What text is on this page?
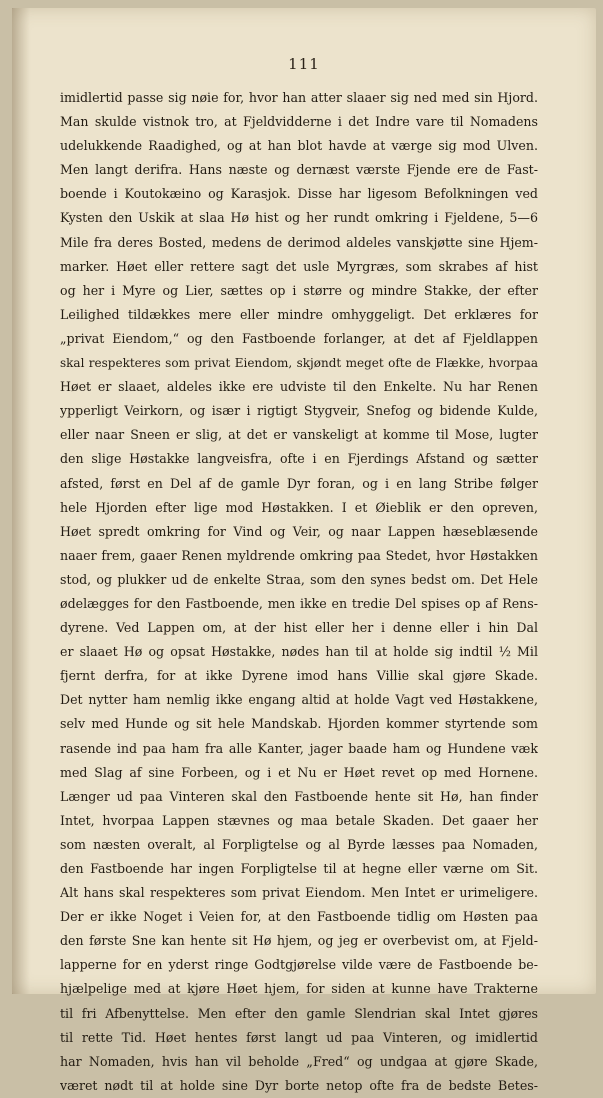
111
imidlertid passe sig nøie for, hvor han atter slaaer sig ned med sin Hjord.
Man skulde vistnok tro, at Fjeldvidderne i det Indre vare til Nomadens
udelukkende Raadighed, og at han blot havde at værge sig mod Ulven.
Men langt derifra. Hans næste og dernæst værste Fjende ere de Fast-
boende i Koutokæino og Karasjok. Disse har ligesom Befolkningen ved
Kysten den Uskik at slaa Hø hist og her rundt omkring i Fjeldene, 5—6
Mile fra deres Bosted, medens de derimod aldeles vanskjøtte sine Hjem-
marker. Høet eller rettere sagt det usle Myrgræs, som skrabes af hist
og her i Myre og Lier, sættes op i større og mindre Stakke, der efter
Leilighed tildækkes mere eller mindre omhyggeligt. Det erklæres for
„privat Eiendom,“ og den Fastboende forlanger, at det af Fjeldlappen
skal respekteres som privat Eiendom, skjøndt meget ofte de Flække, hvorpaa
Høet er slaaet, aldeles ikke ere udviste til den Enkelte. Nu har Renen
ypperligt Veirkorn, og især i rigtigt Stygveir, Snefog og bidende Kulde,
eller naar Sneen er slig, at det er vanskeligt at komme til Mose, lugter
den slige Høstakke langveisfra, ofte i en Fjerdings Afstand og sætter
afsted, først en Del af de gamle Dyr foran, og i en lang Stribe følger
hele Hjorden efter lige mod Høstakken. I et Øieblik er den opreven,
Høet spredt omkring for Vind og Veir, og naar Lappen hæseblæsende
naaer frem, gaaer Renen myldrende omkring paa Stedet, hvor Høstakken
stod, og plukker ud de enkelte Straa, som den synes bedst om. Det Hele
ødelægges for den Fastboende, men ikke en tredie Del spises op af Rens-
dyrene. Ved Lappen om, at der hist eller her i denne eller i hin Dal
er slaaet Hø og opsat Høstakke, nødes han til at holde sig indtil ½ Mil
fjernt derfra, for at ikke Dyrene imod hans Villie skal gjøre Skade.
Det nytter ham nemlig ikke engang altid at holde Vagt ved Høstakkene,
selv med Hunde og sit hele Mandskab. Hjorden kommer styrtende som
rasende ind paa ham fra alle Kanter, jager baade ham og Hundene væk
med Slag af sine Forbeen, og i et Nu er Høet revet op med Hornene.
Længer ud paa Vinteren skal den Fastboende hente sit Hø, han finder
Intet, hvorpaa Lappen stævnes og maa betale Skaden. Det gaaer her
som næsten overalt, al Forpligtelse og al Byrde læsses paa Nomaden,
den Fastboende har ingen Forpligtelse til at hegne eller værne om Sit.
Alt hans skal respekteres som privat Eiendom. Men Intet er urimeligere.
Der er ikke Noget i Veien for, at den Fastboende tidlig om Høsten paa
den første Sne kan hente sit Hø hjem, og jeg er overbevist om, at Fjeld-
lapperne for en yderst ringe Godtgjørelse vilde være de Fastboende be-
hjælpelige med at kjøre Høet hjem, for siden at kunne have Trakterne
til fri Afbenyttelse. Men efter den gamle Slendrian skal Intet gjøres
til rette Tid. Høet hentes først langt ud paa Vinteren, og imidlertid
har Nomaden, hvis han vil beholde „Fred“ og undgaa at gjøre Skade,
været nødt til at holde sine Dyr borte netop ofte fra de bedste Betes-
